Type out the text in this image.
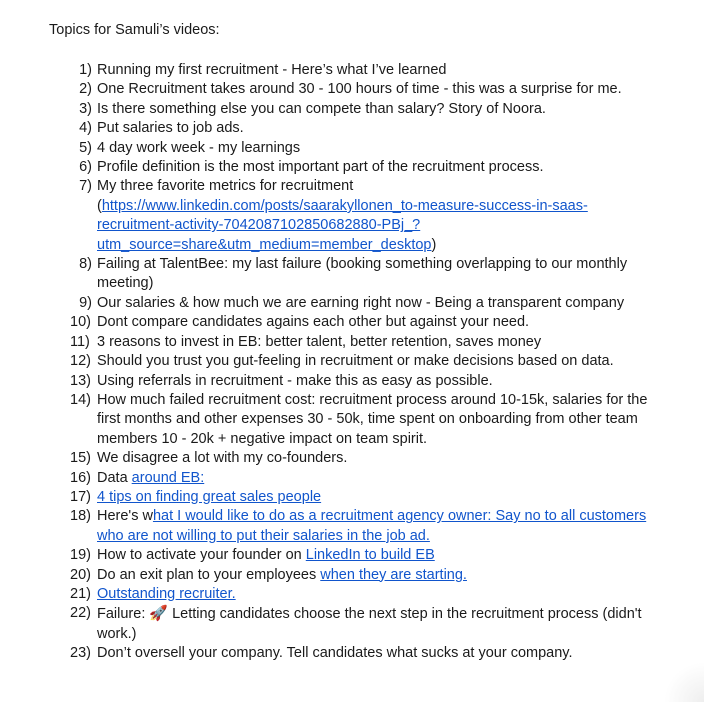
Topics for Samuli’s videos:
1) Running my first recruitment - Here’s what I’ve learned
2) One Recruitment takes around 30 - 100 hours of time - this was a surprise for me.
3) Is there something else you can compete than salary? Story of Noora.
4) Put salaries to job ads.
5) 4 day work week - my learnings
6) Profile definition is the most important part of the recruitment process.
7) My three favorite metrics for recruitment (https://www.linkedin.com/posts/saarakyllonen_to-measure-success-in-saas-recruitment-activity-7042087102850682880-PBj_?utm_source=share&utm_medium=member_desktop)
8) Failing at TalentBee: my last failure (booking something overlapping to our monthly meeting)
9) Our salaries & how much we are earning right now - Being a transparent company
10) Dont compare candidates agains each other but against your need.
11) 3 reasons to invest in EB: better talent, better retention, saves money
12) Should you trust you gut-feeling in recruitment or make decisions based on data.
13) Using referrals in recruitment - make this as easy as possible.
14) How much failed recruitment cost: recruitment process around 10-15k, salaries for the first months and other expenses 30 - 50k, time spent on onboarding from other team members 10 - 20k + negative impact on team spirit.
15) We disagree a lot with my co-founders.
16) Data around EB:
17) 4 tips on finding great sales people
18) Here's what I would like to do as a recruitment agency owner: Say no to all customers who are not willing to put their salaries in the job ad.
19) How to activate your founder on LinkedIn to build EB
20) Do an exit plan to your employees when they are starting.
21) Outstanding recruiter.
22) Failure: 🚀 Letting candidates choose the next step in the recruitment process (didn't work.)
23) Don’t oversell your company. Tell candidates what sucks at your company.
